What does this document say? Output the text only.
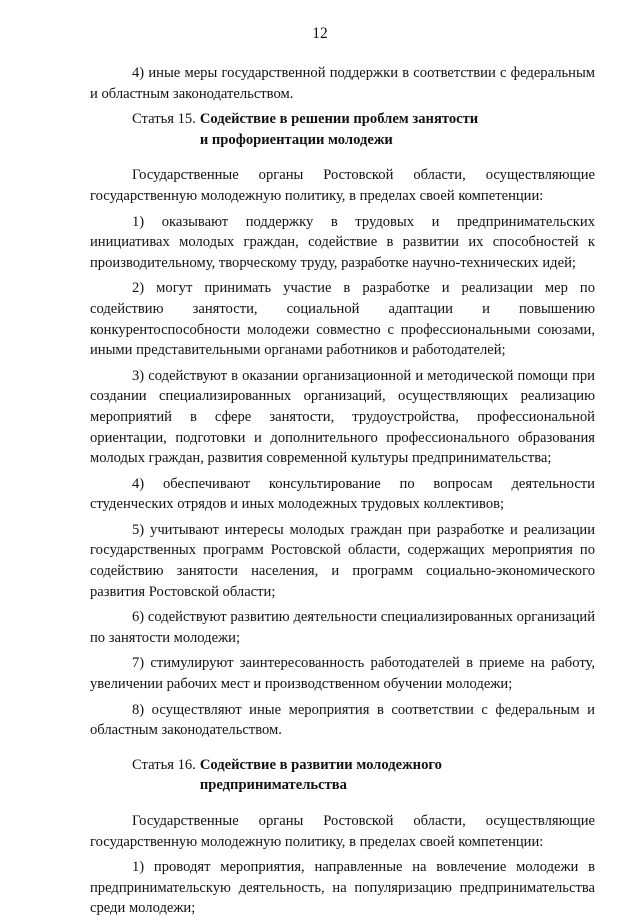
12

4) иные меры государственной поддержки в соответствии с федеральным и областным законодательством.

Статья 15. Содействие в решении проблем занятости
и профориентации молодежи

Государственные органы Ростовской области, осуществляющие государственную молодежную политику, в пределах своей компетенции:

1) оказывают поддержку в трудовых и предпринимательских инициативах молодых граждан, содействие в развитии их способностей к производительному, творческому труду, разработке научно-технических идей;

2) могут принимать участие в разработке и реализации мер по содействию занятости, социальной адаптации и повышению конкурентоспособности молодежи совместно с профессиональными союзами, иными представительными органами работников и работодателей;

3) содействуют в оказании организационной и методической помощи при создании специализированных организаций, осуществляющих реализацию мероприятий в сфере занятости, трудоустройства, профессиональной ориентации, подготовки и дополнительного профессионального образования молодых граждан, развития современной культуры предпринимательства;

4) обеспечивают консультирование по вопросам деятельности студенческих отрядов и иных молодежных трудовых коллективов;

5) учитывают интересы молодых граждан при разработке и реализации государственных программ Ростовской области, содержащих мероприятия по содействию занятости населения, и программ социально-экономического развития Ростовской области;

6) содействуют развитию деятельности специализированных организаций по занятости молодежи;

7) стимулируют заинтересованность работодателей в приеме на работу, увеличении рабочих мест и производственном обучении молодежи;

8) осуществляют иные мероприятия в соответствии с федеральным и областным законодательством.

Статья 16. Содействие в развитии молодежного
предпринимательства

Государственные органы Ростовской области, осуществляющие государственную молодежную политику, в пределах своей компетенции:

1) проводят мероприятия, направленные на вовлечение молодежи в предпринимательскую деятельность, на популяризацию предпринимательства среди молодежи;
